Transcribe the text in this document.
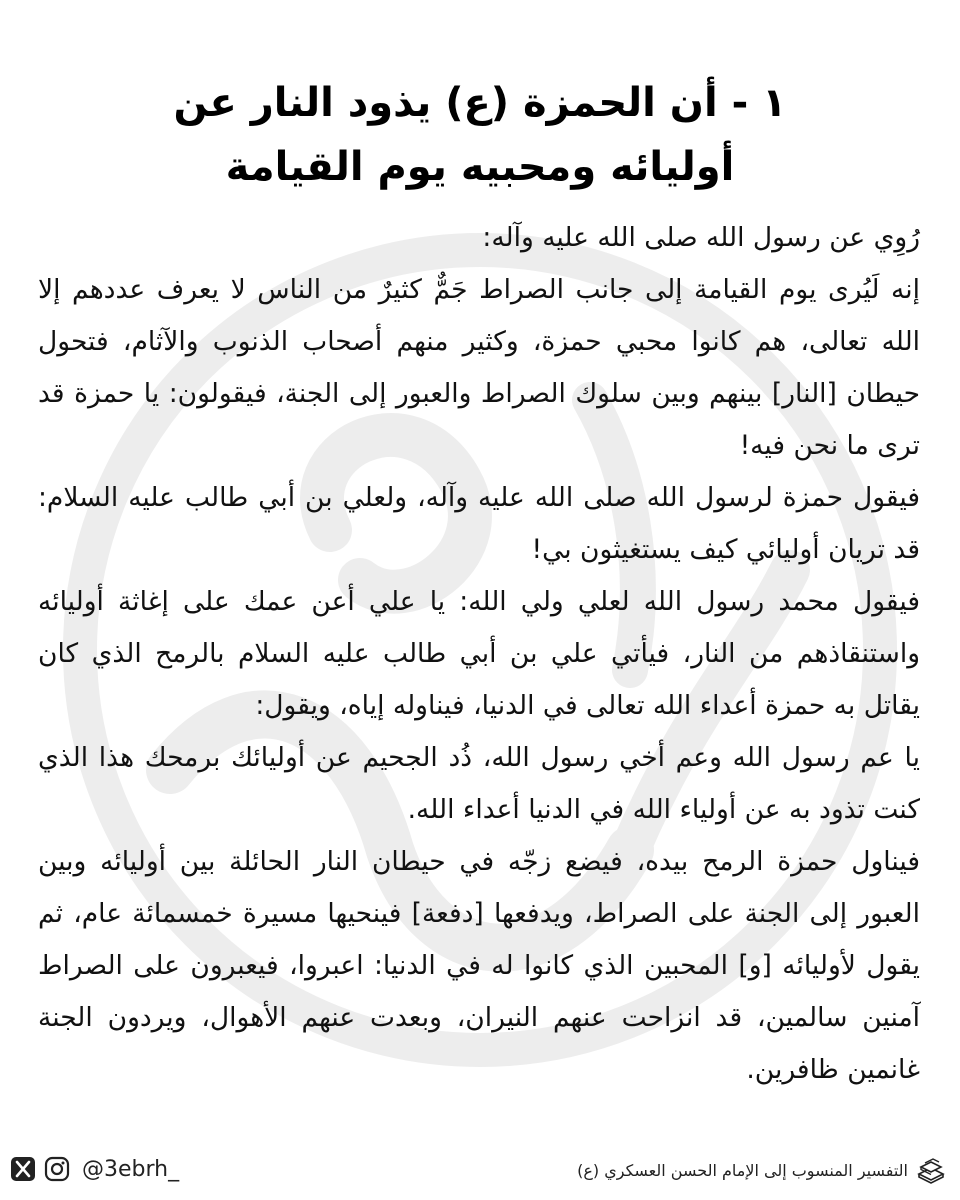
١ - أن الحمزة (ع) يذود النار عن
أوليائه ومحبيه يوم القيامة

رُوِي عن رسول الله صلى الله عليه وآله:

إنه لَيُرى يوم القيامة إلى جانب الصراط جَمٌّ كثيرٌ من الناس لا يعرف عددهم إلا الله تعالى، هم كانوا محبي حمزة، وكثير منهم أصحاب الذنوب والآثام، فتحول حيطان [النار] بينهم وبين سلوك الصراط والعبور إلى الجنة، فيقولون: يا حمزة قد ترى ما نحن فيه!

فيقول حمزة لرسول الله صلى الله عليه وآله، ولعلي بن أبي طالب عليه السلام: قد تريان أوليائي كيف يستغيثون بي!

فيقول محمد رسول الله لعلي ولي الله: يا علي أعن عمك على إغاثة أوليائه واستنقاذهم من النار، فيأتي علي بن أبي طالب عليه السلام بالرمح الذي كان يقاتل به حمزة أعداء الله تعالى في الدنيا، فيناوله إياه، ويقول:

يا عم رسول الله وعم أخي رسول الله، ذُد الجحيم عن أوليائك برمحك هذا الذي كنت تذود به عن أولياء الله في الدنيا أعداء الله.

فيناول حمزة الرمح بيده، فيضع زجّه في حيطان النار الحائلة بين أوليائه وبين العبور إلى الجنة على الصراط، ويدفعها [دفعة] فينحيها مسيرة خمسمائة عام، ثم يقول لأوليائه [و] المحبين الذي كانوا له في الدنيا: اعبروا، فيعبرون على الصراط آمنين سالمين، قد انزاحت عنهم النيران، وبعدت عنهم الأهوال، ويردون الجنة غانمين ظافرين.

@3ebrh_	التفسير المنسوب إلى الإمام الحسن العسكري (ع)
